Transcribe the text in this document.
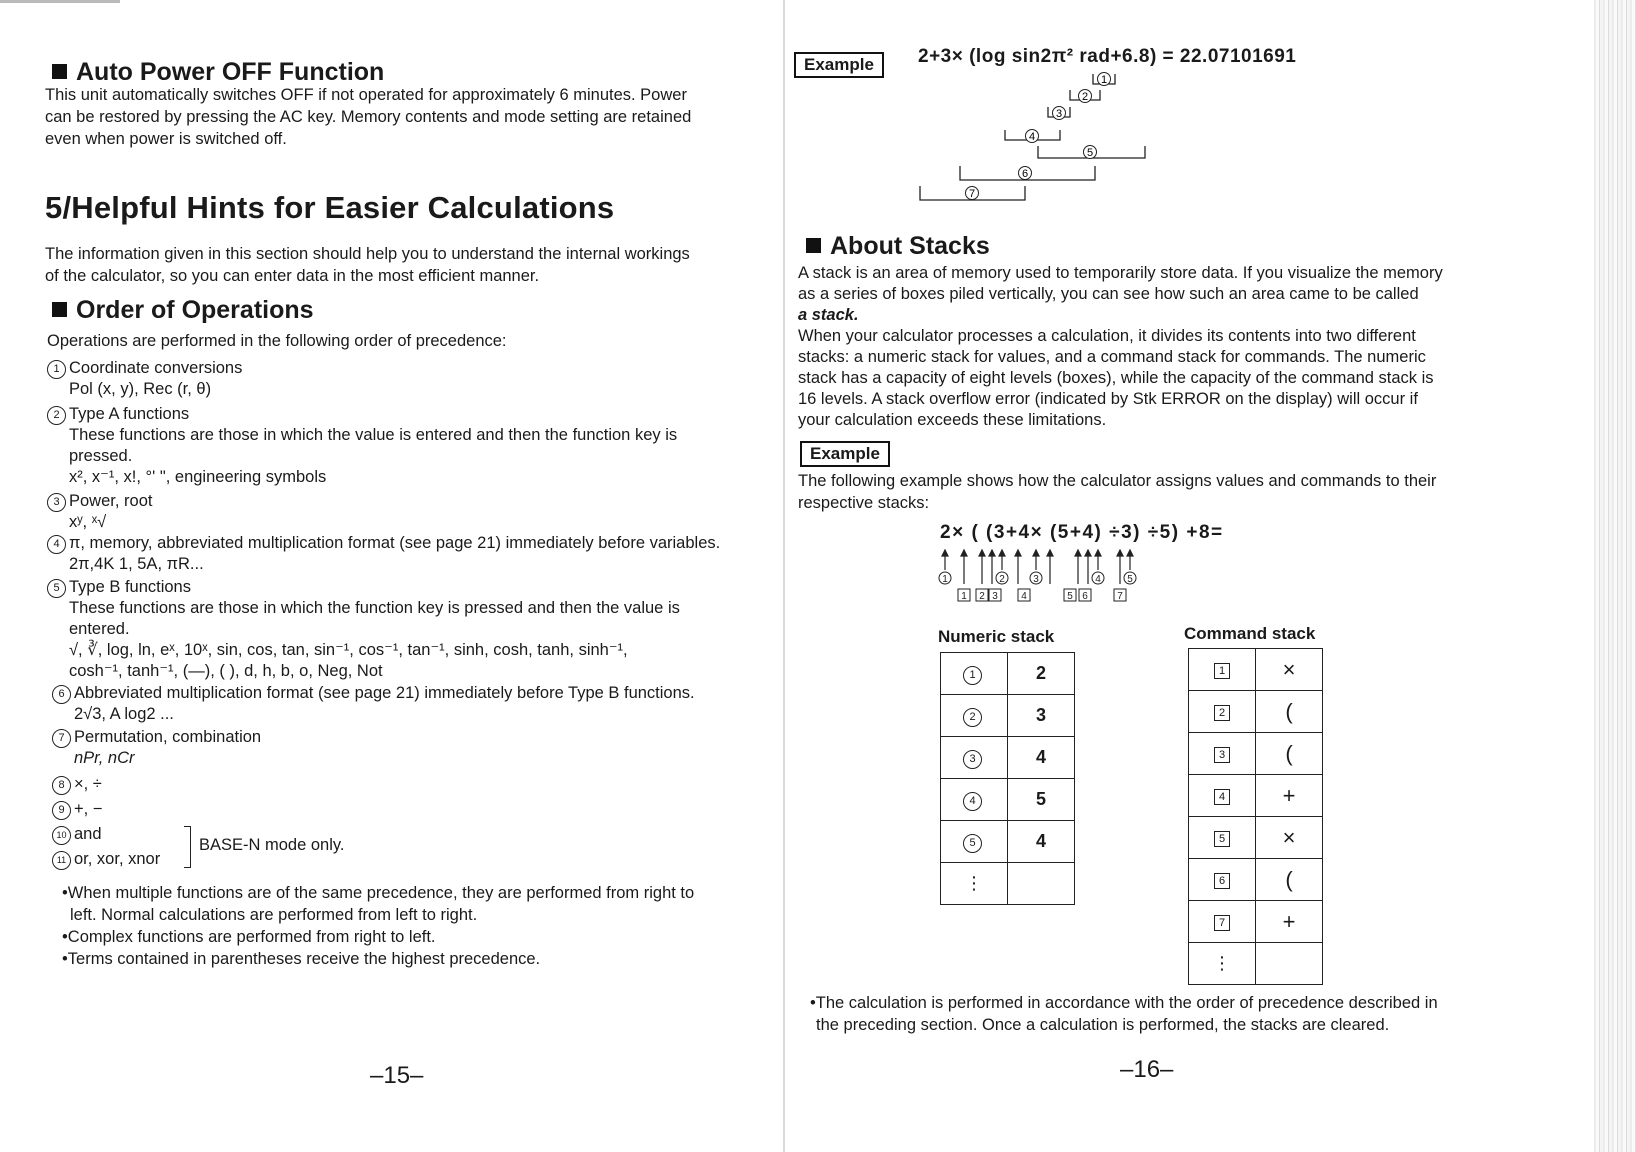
Auto Power OFF Function
This unit automatically switches OFF if not operated for approximately 6 minutes. Power
can be restored by pressing the AC key. Memory contents and mode setting are retained
even when power is switched off.
5/Helpful Hints for Easier Calculations
The information given in this section should help you to understand the internal workings
of the calculator, so you can enter data in the most efficient manner.
Order of Operations
Operations are performed in the following order of precedence:
1 Coordinate conversions
Pol (x, y), Rec (r, θ)
2 Type A functions
These functions are those in which the value is entered and then the function key is
pressed.
x², x⁻¹, x!, °' ", engineering symbols
3 Power, root
xʸ, ˣ√
4 π, memory, abbreviated multiplication format (see page 21) immediately before variables.
2π,4K 1, 5A, πR...
5 Type B functions
These functions are those in which the function key is pressed and then the value is
entered.
√, ∛, log, ln, eˣ, 10ˣ, sin, cos, tan, sin⁻¹, cos⁻¹, tan⁻¹, sinh, cosh, tanh, sinh⁻¹,
cosh⁻¹, tanh⁻¹, (—), ( ), d, h, b, o, Neg, Not
6 Abbreviated multiplication format (see page 21) immediately before Type B functions.
2√3, A log2 ...
7 Permutation, combination
nPr, nCr
8 ×, ÷
9 +, −
10 and
11 or, xor, xnor
BASE-N mode only.
•When multiple functions are of the same precedence, they are performed from right to
left. Normal calculations are performed from left to right.
•Complex functions are performed from right to left.
•Terms contained in parentheses receive the highest precedence.
–15–
Example	2+3× (log sin2π² rad+6.8) = 22.07101691
1
2
3
4
5
6
7
About Stacks
A stack is an area of memory used to temporarily store data. If you visualize the memory
as a series of boxes piled vertically, you can see how such an area came to be called
a stack.
When your calculator processes a calculation, it divides its contents into two different
stacks: a numeric stack for values, and a command stack for commands. The numeric
stack has a capacity of eight levels (boxes), while the capacity of the command stack is
16 levels. A stack overflow error (indicated by Stk ERROR on the display) will occur if
your calculation exceeds these limitations.
Example
The following example shows how the calculator assigns values and commands to their
respective stacks:
2× ( (3+4× (5+4) ÷3) ÷5) +8=
1	2	3	4	5
1 2 3 4	5 6	7
Numeric stack
1	2
2	3
3	4
4	5
5	4
⋮	
Command stack
1	×
2	(
3	(
4	+
5	×
6	(
7	+
⋮	
•The calculation is performed in accordance with the order of precedence described in
the preceding section. Once a calculation is performed, the stacks are cleared.
–16–
